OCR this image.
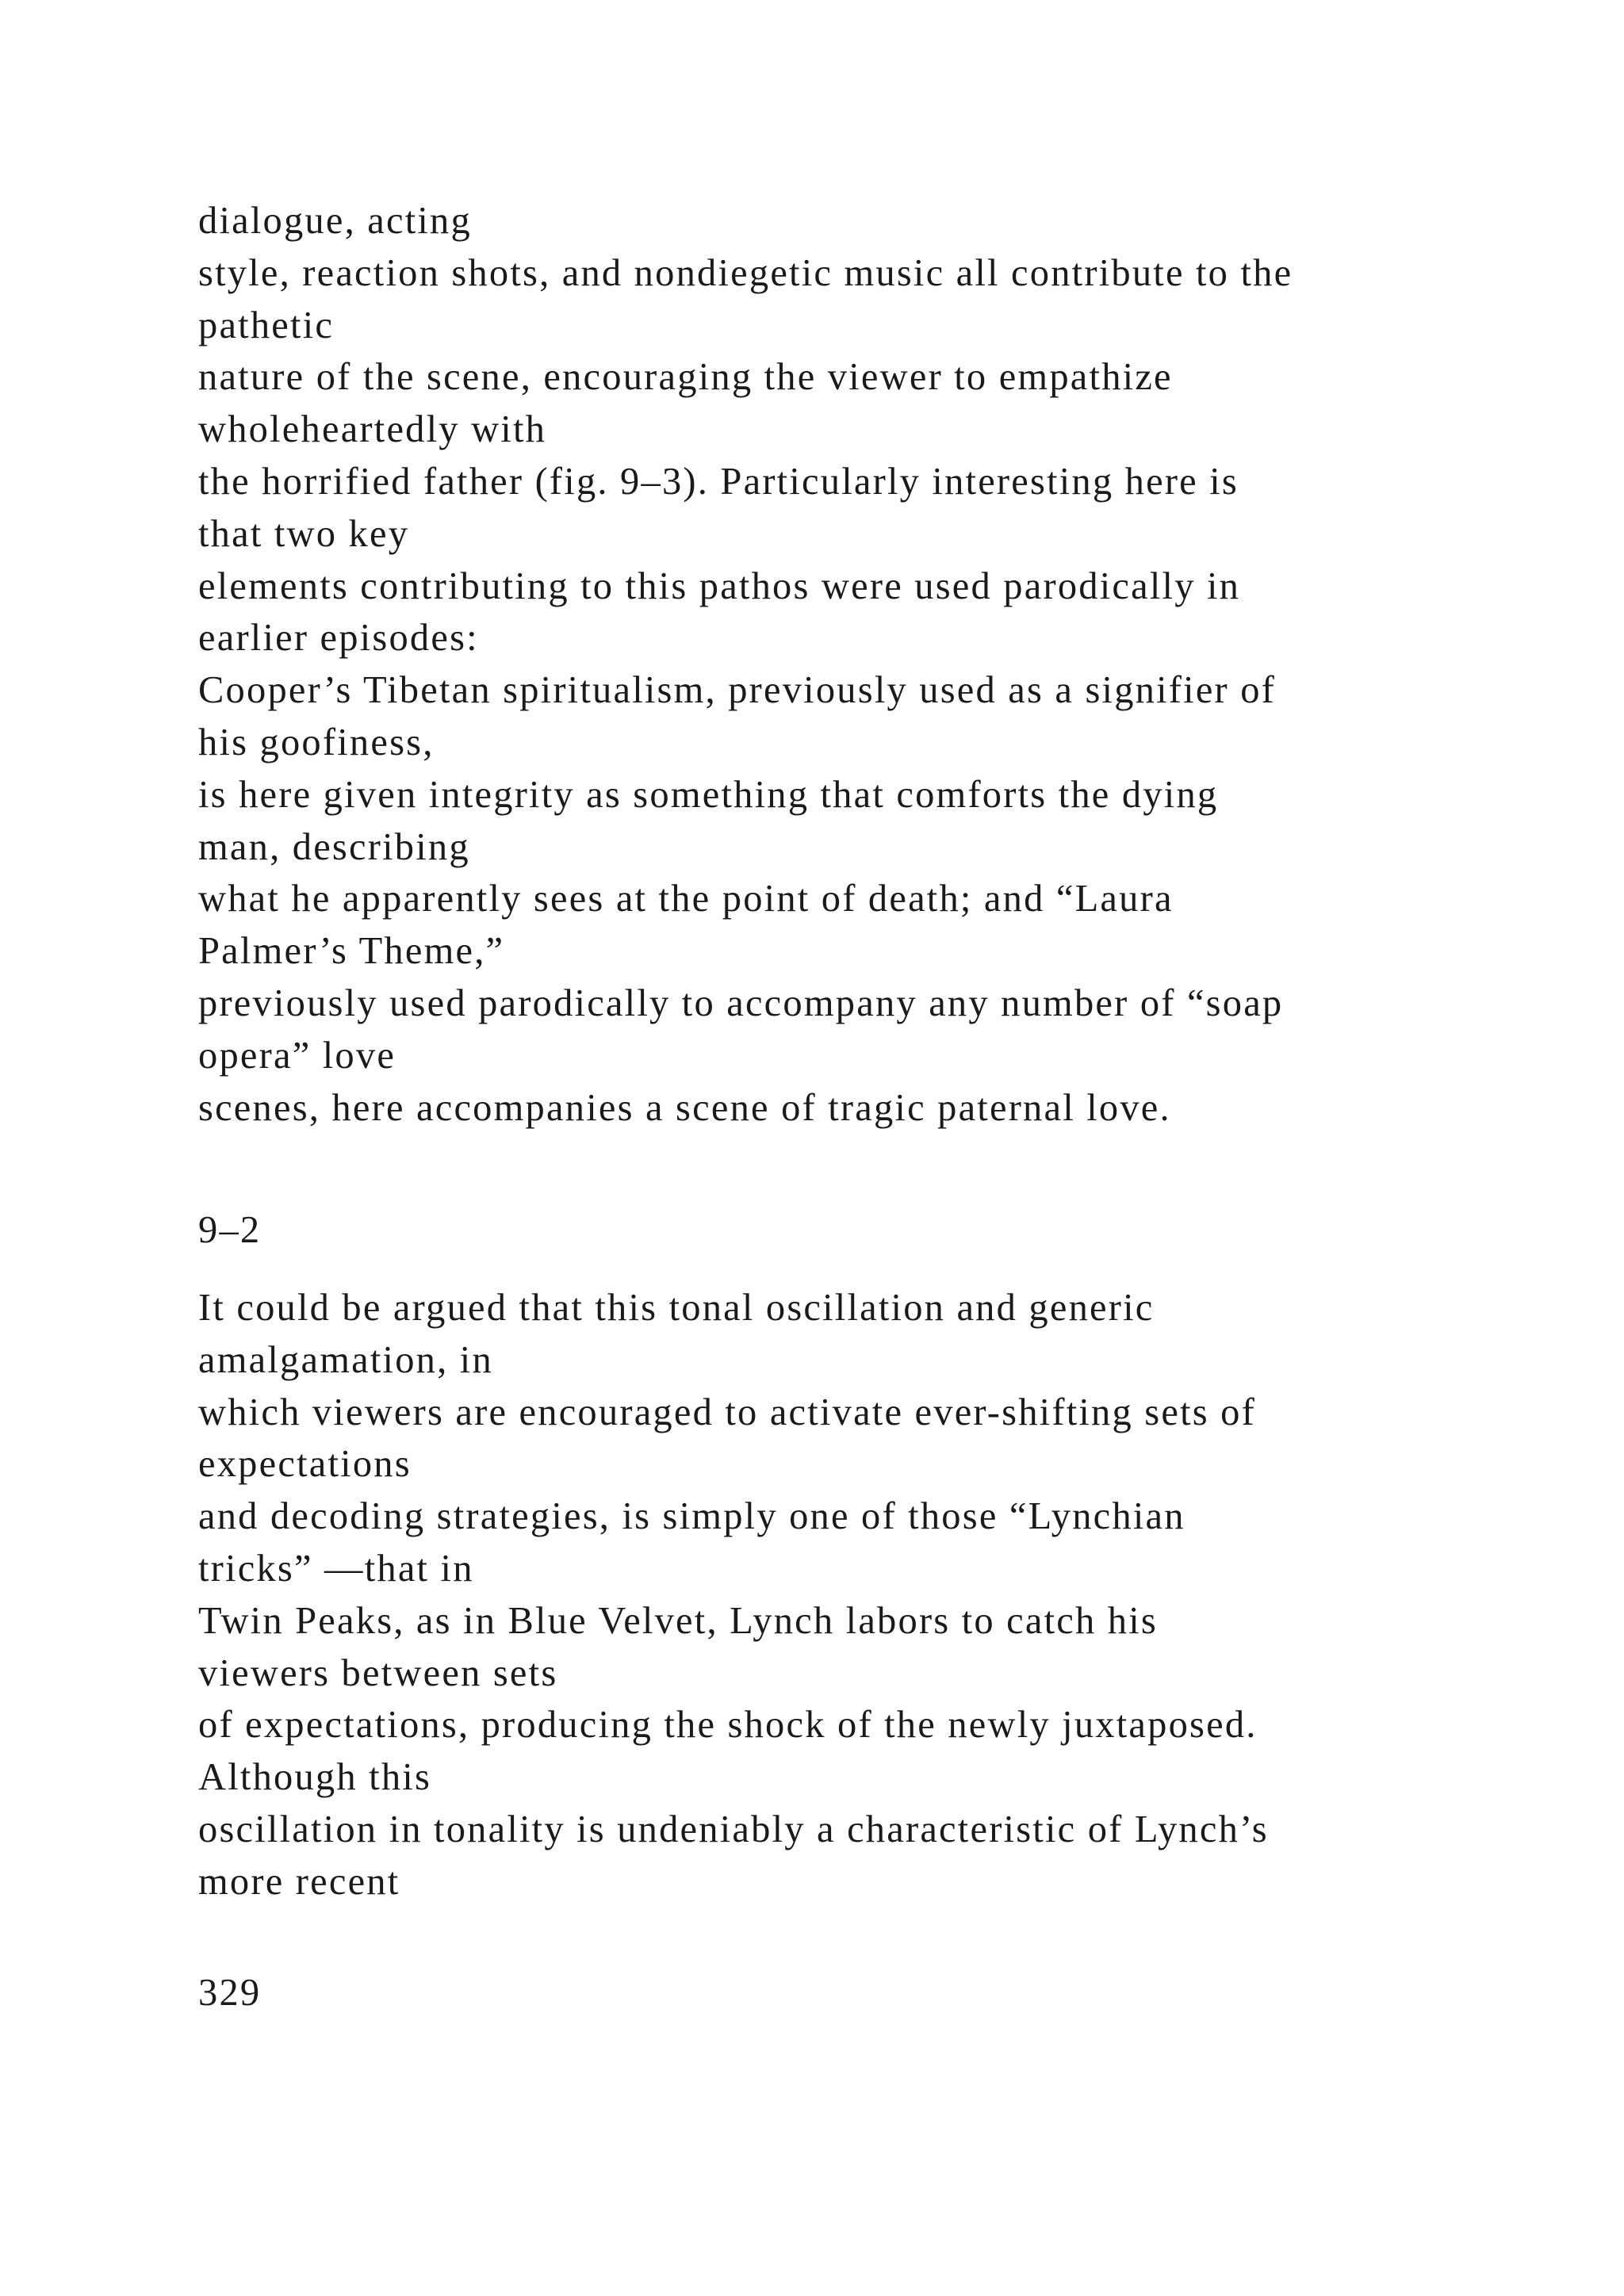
dialogue, acting
style, reaction shots, and nondiegetic music all contribute to the
pathetic
nature of the scene, encouraging the viewer to empathize
wholeheartedly with
the horrified father (fig. 9–3). Particularly interesting here is
that two key
elements contributing to this pathos were used parodically in
earlier episodes:
Cooper’s Tibetan spiritualism, previously used as a signifier of
his goofiness,
is here given integrity as something that comforts the dying
man, describing
what he apparently sees at the point of death; and “Laura
Palmer’s Theme,”
previously used parodically to accompany any number of “soap
opera” love
scenes, here accompanies a scene of tragic paternal love.
9–2
It could be argued that this tonal oscillation and generic
amalgamation, in
which viewers are encouraged to activate ever-shifting sets of
expectations
and decoding strategies, is simply one of those “Lynchian
tricks” —that in
Twin Peaks, as in Blue Velvet, Lynch labors to catch his
viewers between sets
of expectations, producing the shock of the newly juxtaposed.
Although this
oscillation in tonality is undeniably a characteristic of Lynch’s
more recent
329
